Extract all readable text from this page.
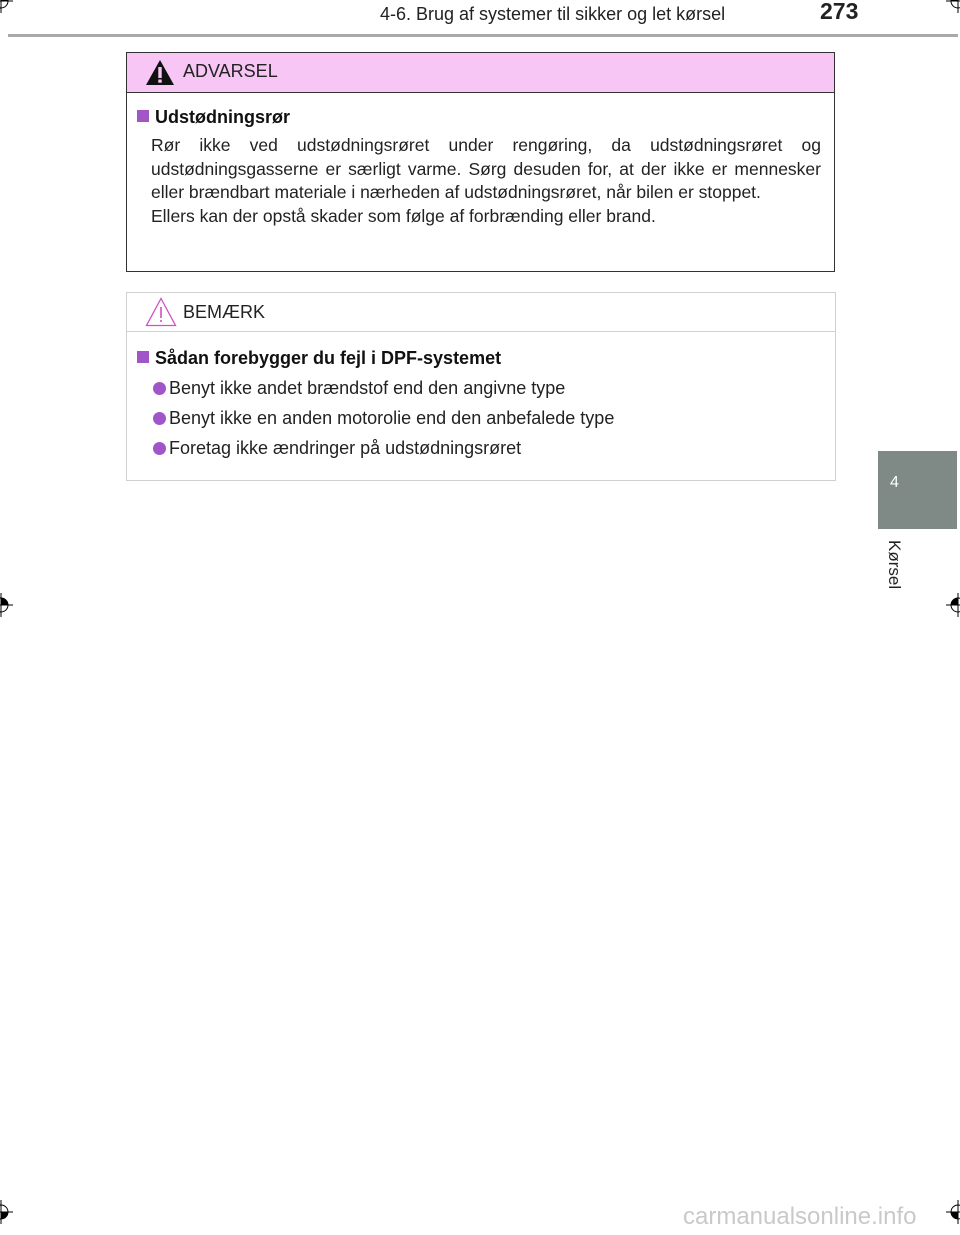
4-6. Brug af systemer til sikker og let kørsel	273
4
Kørsel
ADVARSEL
Udstødningsrør

Rør ikke ved udstødningsrøret under rengøring, da udstødningsrøret og udstødningsgasserne er særligt varme. Sørg desuden for, at der ikke er mennesker eller brændbart materiale i nærheden af udstødningsrøret, når bilen er stoppet.

Ellers kan der opstå skader som følge af forbrænding eller brand.

BEMÆRK
Sådan forebygger du fejl i DPF-systemet
Benyt ikke andet brændstof end den angivne type
Benyt ikke en anden motorolie end den anbefalede type
Foretag ikke ændringer på udstødningsrøret
carmanualsonline.info
